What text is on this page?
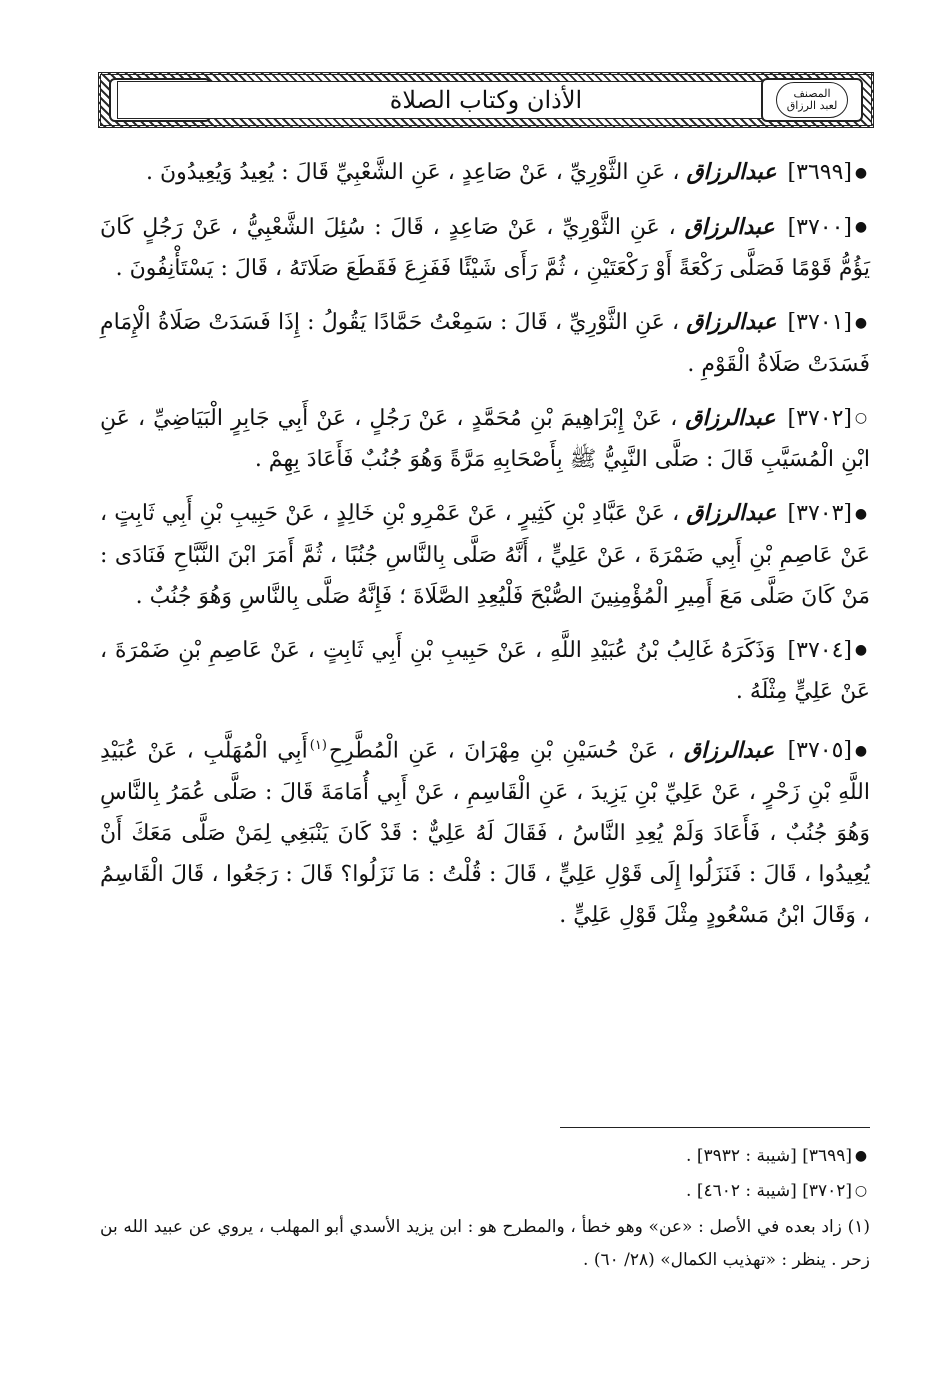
الأذان وكتاب الصلاة	المصنف
لعبد الرزاق

●[٣٦٩٩] عبدالرزاق ، عَنِ الثَّوْرِيِّ ، عَنْ صَاعِدٍ ، عَنِ الشَّعْبِيِّ قَالَ : يُعِيدُ وَيُعِيدُونَ .

●[٣٧٠٠] عبدالرزاق ، عَنِ الثَّوْرِيِّ ، عَنْ صَاعِدٍ ، قَالَ : سُئِلَ الشَّعْبِيُّ ، عَنْ رَجُلٍ كَانَ يَؤُمُّ قَوْمًا فَصَلَّى رَكْعَةً أَوْ رَكْعَتَيْنِ ، ثُمَّ رَأَى شَيْئًا فَفَزِعَ فَقَطَعَ صَلَاتَهُ ، قَالَ : يَسْتَأْنِفُونَ .

●[٣٧٠١] عبدالرزاق ، عَنِ الثَّوْرِيِّ ، قَالَ : سَمِعْتُ حَمَّادًا يَقُولُ : إِذَا فَسَدَتْ صَلَاةُ الْإِمَامِ فَسَدَتْ صَلَاةُ الْقَوْمِ .

○[٣٧٠٢] عبدالرزاق ، عَنْ إِبْرَاهِيمَ بْنِ مُحَمَّدٍ ، عَنْ رَجُلٍ ، عَنْ أَبِي جَابِرٍ الْبَيَاضِيِّ ، عَنِ ابْنِ الْمُسَيَّبِ قَالَ : صَلَّى النَّبِيُّ ﷺ بِأَصْحَابِهِ مَرَّةً وَهُوَ جُنُبٌ فَأَعَادَ بِهِمْ .

●[٣٧٠٣] عبدالرزاق ، عَنْ عَبَّادِ بْنِ كَثِيرٍ ، عَنْ عَمْرِو بْنِ خَالِدٍ ، عَنْ حَبِيبِ بْنِ أَبِي ثَابِتٍ ، عَنْ عَاصِمِ بْنِ أَبِي ضَمْرَةَ ، عَنْ عَلِيٍّ ، أَنَّهُ صَلَّى بِالنَّاسِ جُنُبًا ، ثُمَّ أَمَرَ ابْنَ النَّبَّاحِ فَنَادَى : مَنْ كَانَ صَلَّى مَعَ أَمِيرِ الْمُؤْمِنِينَ الصُّبْحَ فَلْيُعِدِ الصَّلَاةَ ؛ فَإِنَّهُ صَلَّى بِالنَّاسِ وَهُوَ جُنُبٌ .

●[٣٧٠٤] وَذَكَرَهُ غَالِبُ بْنُ عُبَيْدِ اللَّهِ ، عَنْ حَبِيبِ بْنِ أَبِي ثَابِتٍ ، عَنْ عَاصِمِ بْنِ ضَمْرَةَ ، عَنْ عَلِيٍّ مِثْلَهُ .

●[٣٧٠٥] عبدالرزاق ، عَنْ حُسَيْنِ بْنِ مِهْرَانَ ، عَنِ الْمُطَّرِحِ$^{(١)}$أَبِي الْمُهَلَّبِ ، عَنْ عُبَيْدِ اللَّهِ بْنِ زَحْرٍ ، عَنْ عَلِيِّ بْنِ يَزِيدَ ، عَنِ الْقَاسِمِ ، عَنْ أَبِي أُمَامَةَ قَالَ : صَلَّى عُمَرُ بِالنَّاسِ وَهُوَ جُنُبٌ ، فَأَعَادَ وَلَمْ يُعِدِ النَّاسُ ، فَقَالَ لَهُ عَلِيٌّ : قَدْ كَانَ يَنْبَغِي لِمَنْ صَلَّى مَعَكَ أَنْ يُعِيدُوا ، قَالَ : فَنَزَلُوا إِلَى قَوْلِ عَلِيٍّ ، قَالَ : قُلْتُ : مَا نَزَلُوا؟ قَالَ : رَجَعُوا ، قَالَ الْقَاسِمُ ، وَقَالَ ابْنُ مَسْعُودٍ مِثْلَ قَوْلِ عَلِيٍّ .

●[٣٦٩٩] [شيبة : ٣٩٣٢] .

○[٣٧٠٢] [شيبة : ٤٦٠٢] .

(١) زاد بعده في الأصل : «عن» وهو خطأ ، والمطرح هو : ابن يزيد الأسدي أبو المهلب ، يروي عن عبيد الله بن زحر . ينظر : «تهذيب الكمال» (٢٨/ ٦٠) .
